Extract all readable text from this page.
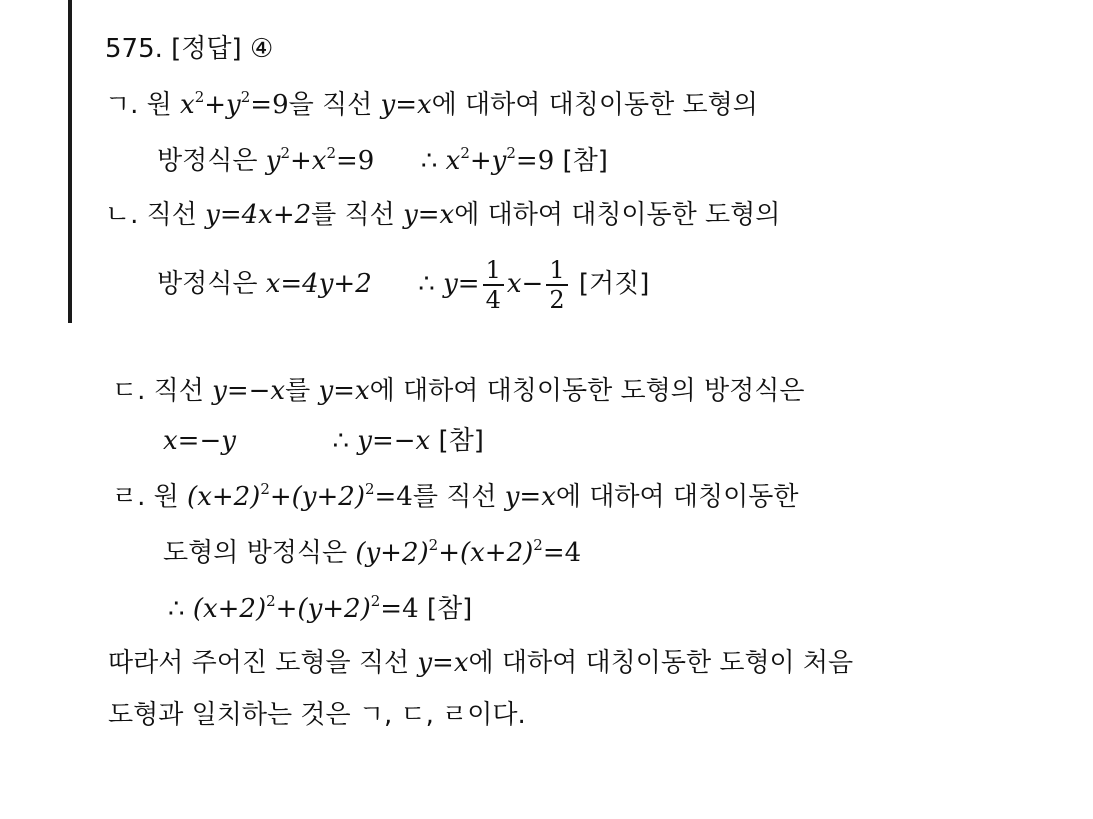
575. [정답] ④
ㄱ. 원 $x^2+y^2=9$을 직선 y=x에 대하여 대칭이동한 도형의
방정식은 $y^2+x^2=9$ ∴ $x^2+y^2=9$ [참]
ㄴ. 직선 y=4x+2를 직선 y=x에 대하여 대칭이동한 도형의
방정식은 x=4y+2 ∴ $y= \frac{1}{4} x- \frac{1}{2}$ [거짓]
ㄷ. 직선 y=−x를 y=x에 대하여 대칭이동한 도형의 방정식은
x=−y	∴ y=−x [참]
ㄹ. 원 $(x+2)^2+(y+2)^2=4$를 직선 y=x에 대하여 대칭이동한
도형의 방정식은 $(y+2)^2+(x+2)^2=4$
∴ $(x+2)^2+(y+2)^2=4$ [참]
따라서 주어진 도형을 직선 y=x에 대하여 대칭이동한 도형이 처음
도형과 일치하는 것은 ㄱ, ㄷ, ㄹ이다.
